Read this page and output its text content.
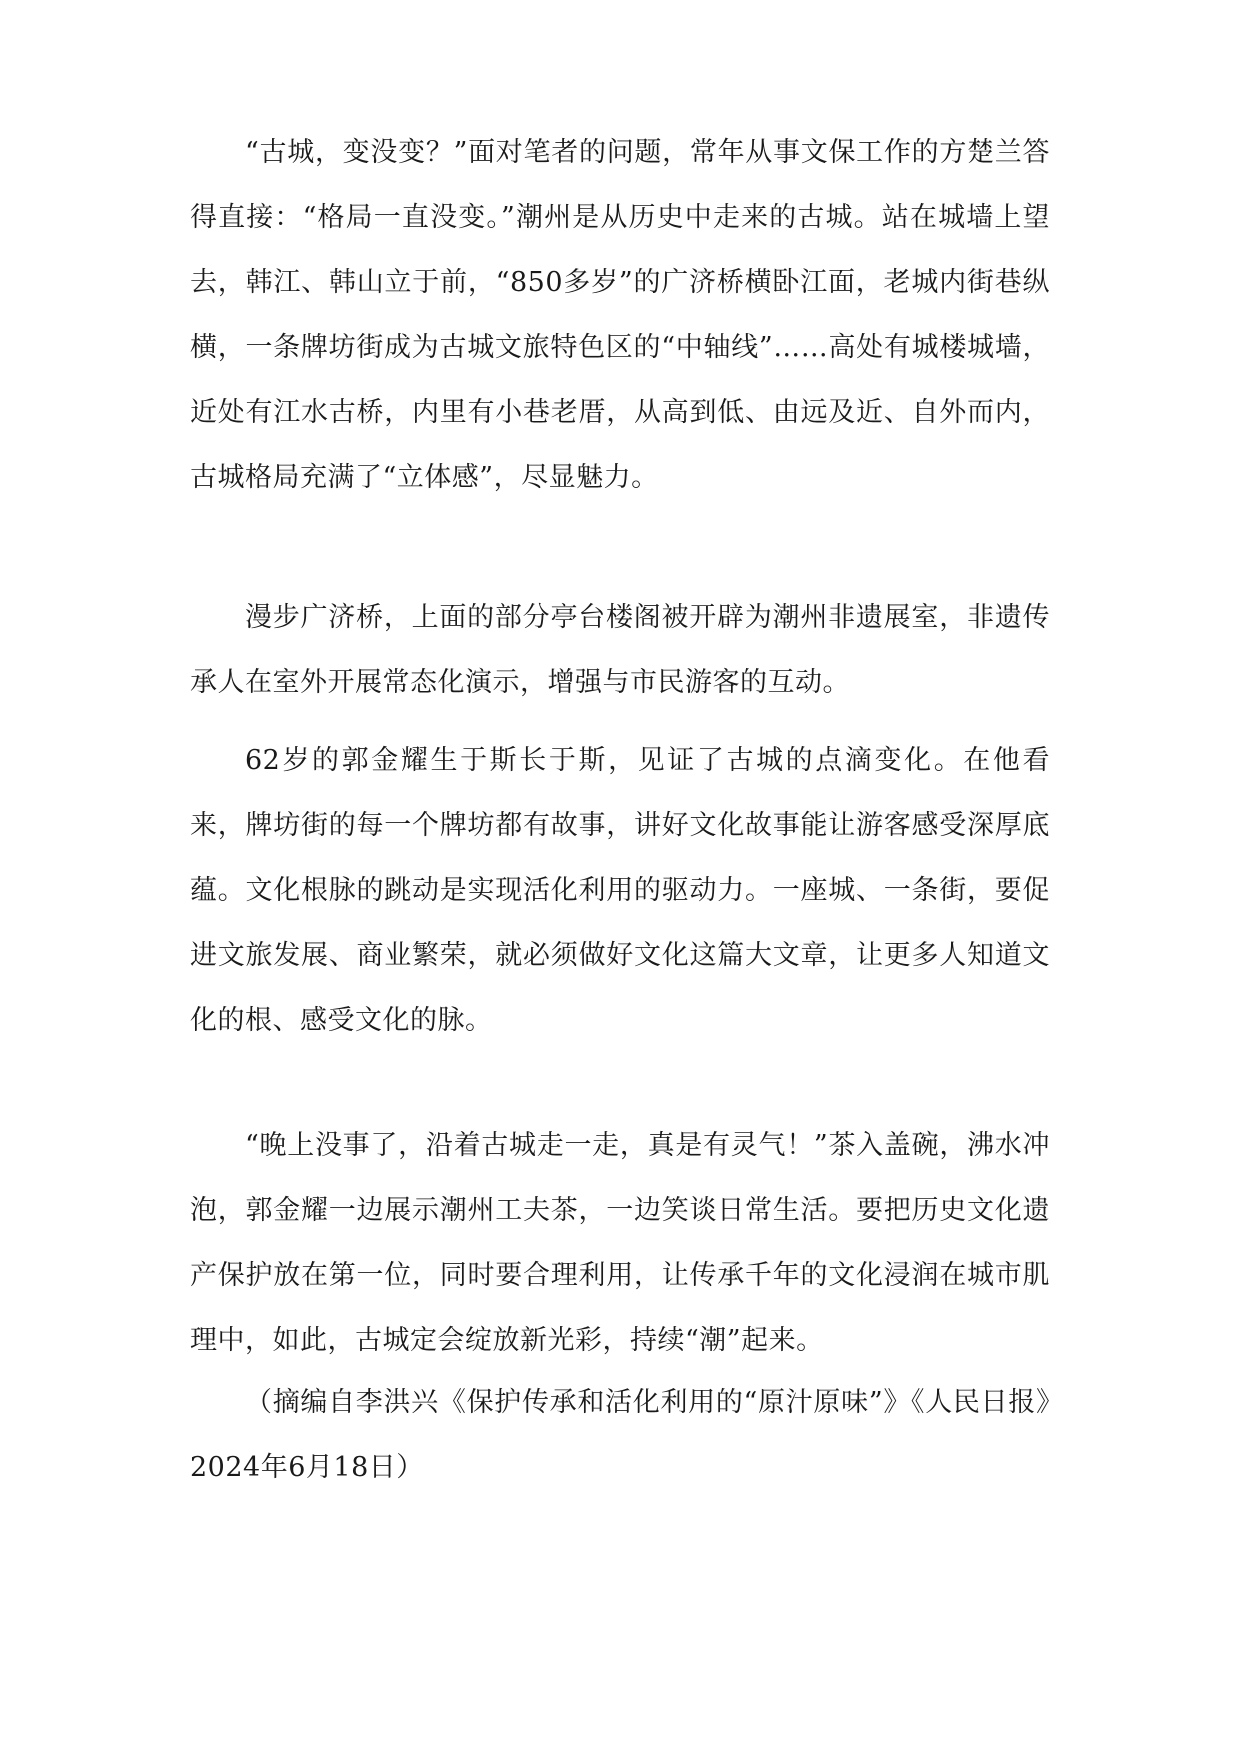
“古城，变没变？”面对笔者的问题，常年从事文保工作的方楚兰答得直接：“格局一直没变。”潮州是从历史中走来的古城。站在城墙上望去，韩江、韩山立于前，“850多岁”的广济桥横卧江面，老城内街巷纵横，一条牌坊街成为古城文旅特色区的“中轴线”……高处有城楼城墙，近处有江水古桥，内里有小巷老厝，从高到低、由远及近、自外而内，古城格局充满了“立体感”，尽显魅力。

漫步广济桥，上面的部分亭台楼阁被开辟为潮州非遗展室，非遗传承人在室外开展常态化演示，增强与市民游客的互动。

62岁的郭金耀生于斯长于斯，见证了古城的点滴变化。在他看来，牌坊街的每一个牌坊都有故事，讲好文化故事能让游客感受深厚底蕴。文化根脉的跳动是实现活化利用的驱动力。一座城、一条街，要促进文旅发展、商业繁荣，就必须做好文化这篇大文章，让更多人知道文化的根、感受文化的脉。

“晚上没事了，沿着古城走一走，真是有灵气！”茶入盖碗，沸水冲泡，郭金耀一边展示潮州工夫茶，一边笑谈日常生活。要把历史文化遗产保护放在第一位，同时要合理利用，让传承千年的文化浸润在城市肌理中，如此，古城定会绽放新光彩，持续“潮”起来。

（摘编自李洪兴《保护传承和活化利用的“原汁原味”》《人民日报》2024年6月18日）
